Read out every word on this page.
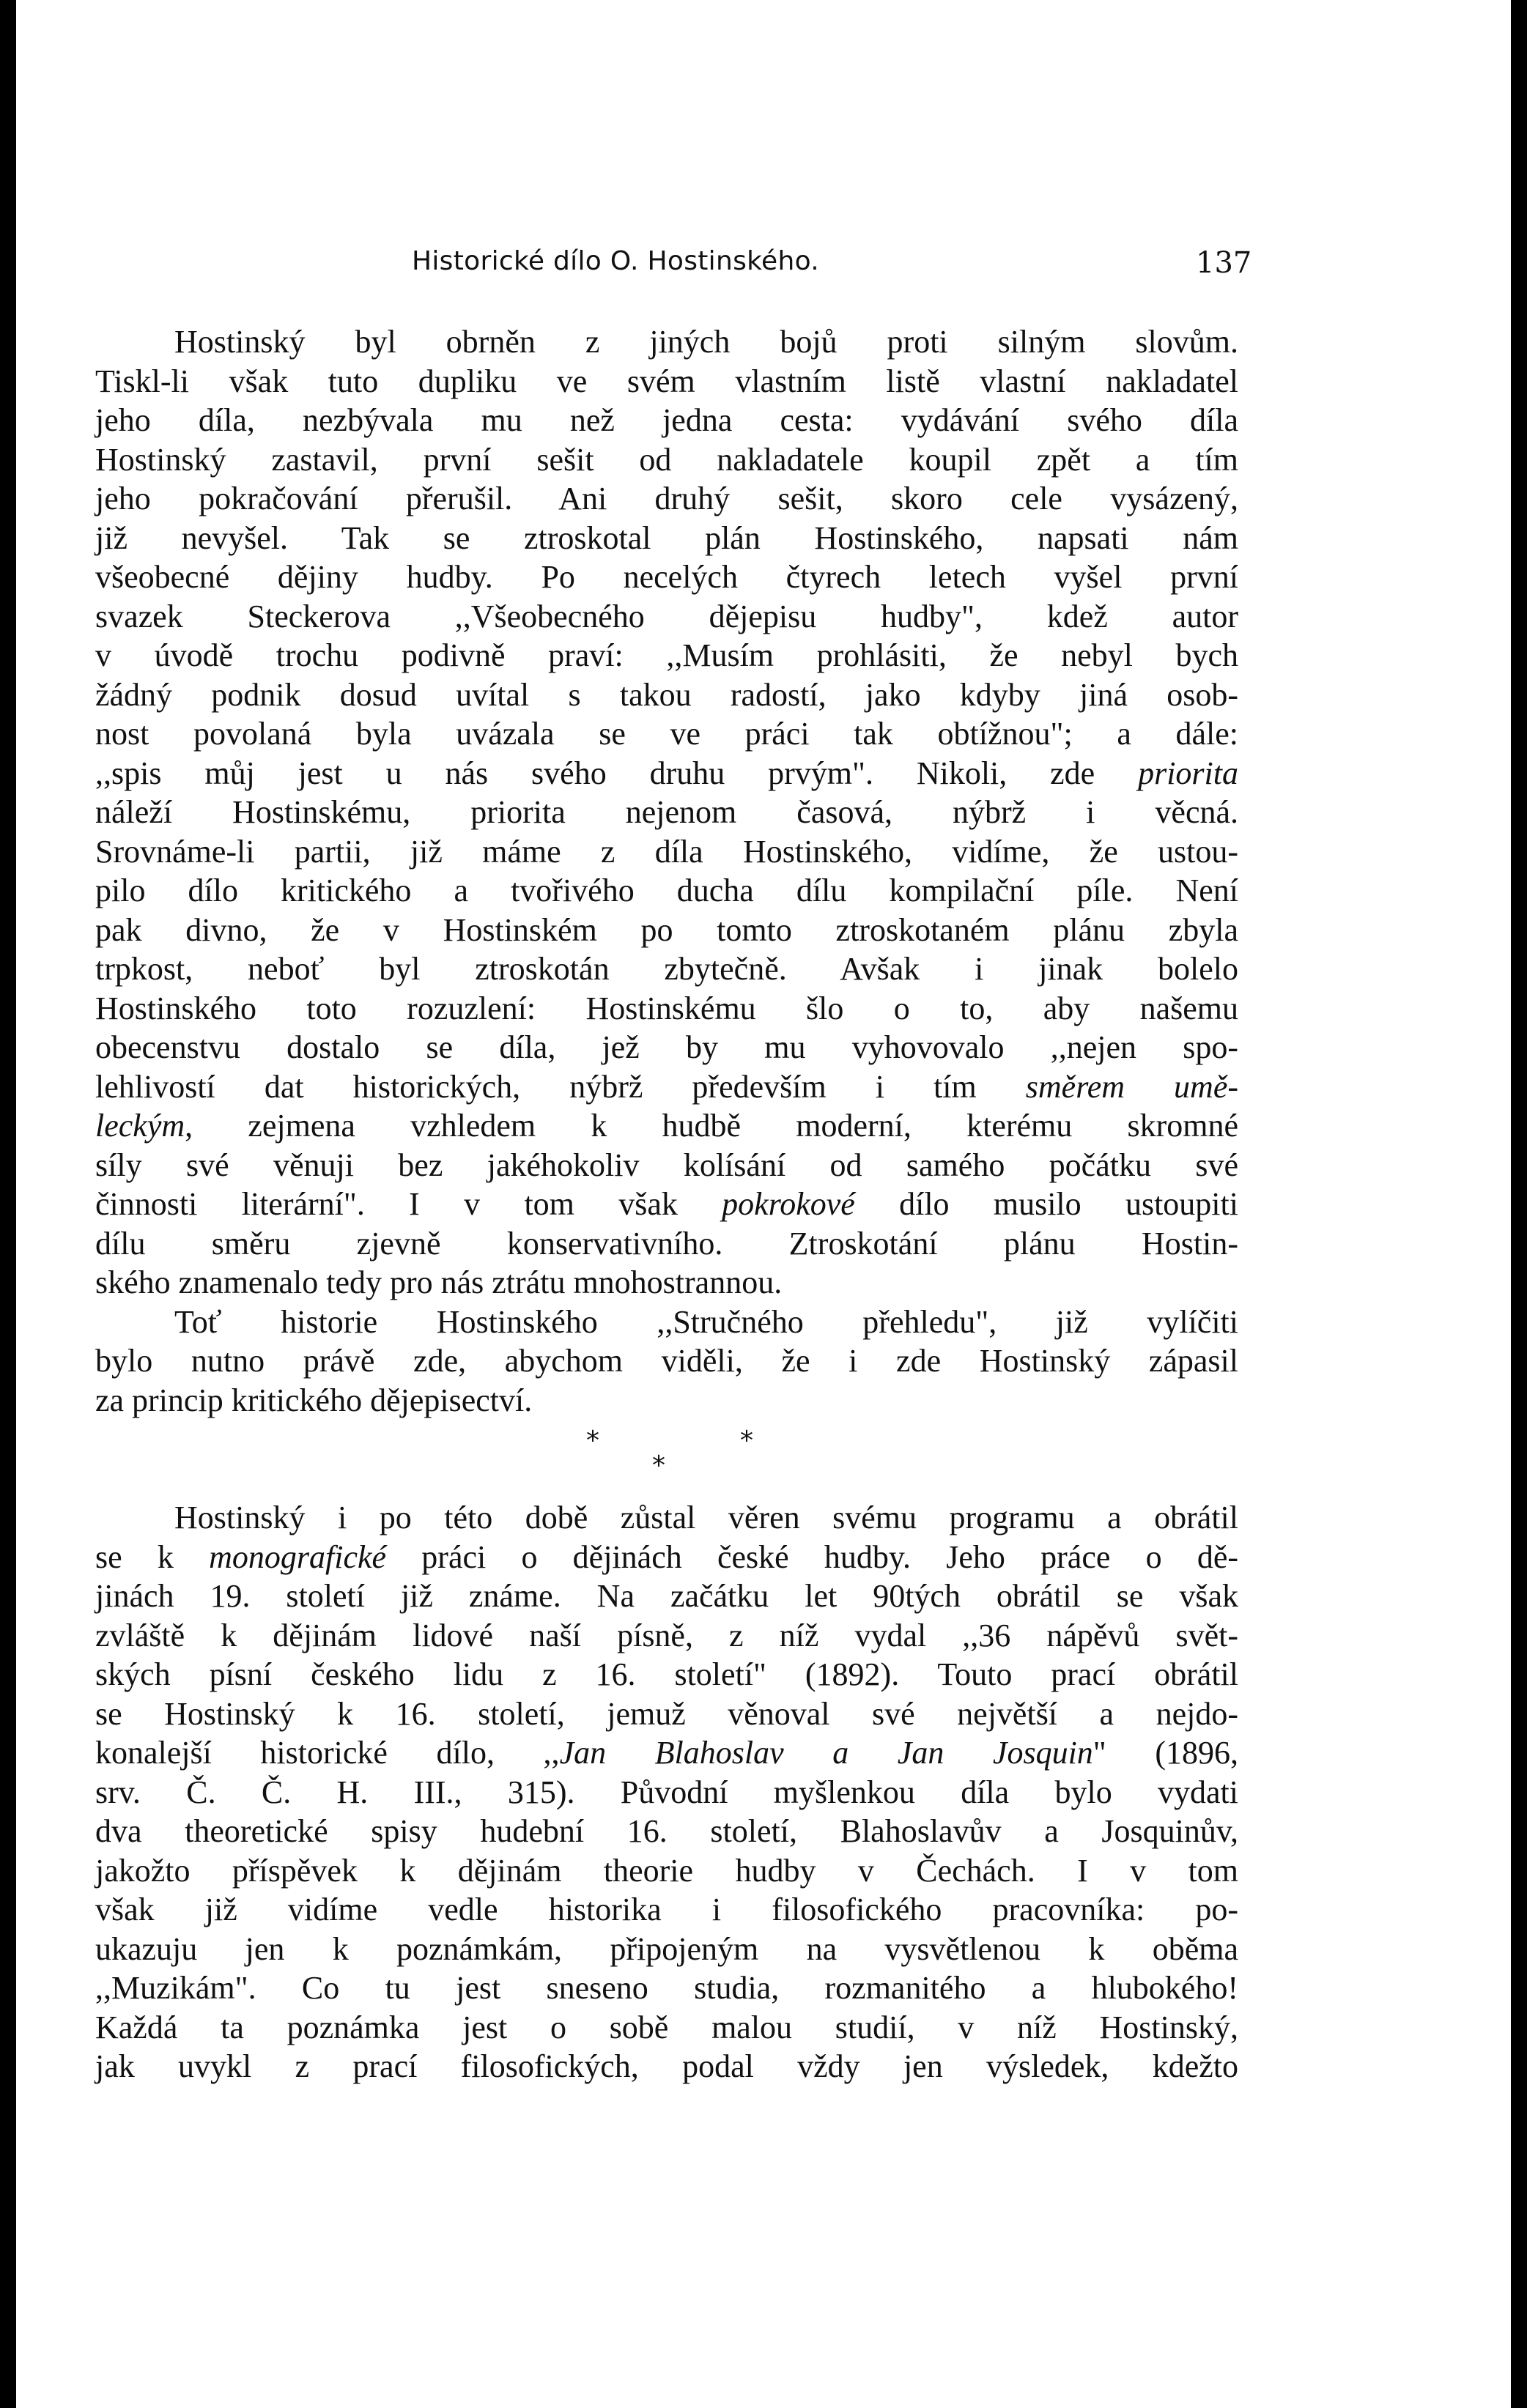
Historické dílo O. Hostinského.	137
Hostinský byl obrněn z jiných bojů proti silným slovům.
Tiskl-li však tuto dupliku ve svém vlastním listě vlastní nakladatel
jeho díla, nezbývala mu než jedna cesta: vydávání svého díla
Hostinský zastavil, první sešit od nakladatele koupil zpět a tím
jeho pokračování přerušil. Ani druhý sešit, skoro cele vysázený,
již nevyšel. Tak se ztroskotal plán Hostinského, napsati nám
všeobecné dějiny hudby. Po necelých čtyrech letech vyšel první
svazek Steckerova ,,Všeobecného dějepisu hudby", kdež autor
v úvodě trochu podivně praví: ,,Musím prohlásiti, že nebyl bych
žádný podnik dosud uvítal s takou radostí, jako kdyby jiná osob-
nost povolaná byla uvázala se ve práci tak obtížnou"; a dále:
,,spis můj jest u nás svého druhu prvým". Nikoli, zde priorita
náleží Hostinskému, priorita nejenom časová, nýbrž i věcná.
Srovnáme-li partii, již máme z díla Hostinského, vidíme, že ustou-
pilo dílo kritického a tvořivého ducha dílu kompilační píle. Není
pak divno, že v Hostinském po tomto ztroskotaném plánu zbyla
trpkost, neboť byl ztroskotán zbytečně. Avšak i jinak bolelo
Hostinského toto rozuzlení: Hostinskému šlo o to, aby našemu
obecenstvu dostalo se díla, jež by mu vyhovovalo ,,nejen spo-
lehlivostí dat historických, nýbrž především i tím směrem umě-
leckým, zejmena vzhledem k hudbě moderní, kterému skromné
síly své věnuji bez jakéhokoliv kolísání od samého počátku své
činnosti literární". I v tom však pokrokové dílo musilo ustoupiti
dílu směru zjevně konservativního. Ztroskotání plánu Hostin-
ského znamenalo tedy pro nás ztrátu mnohostrannou.
Toť historie Hostinského ,,Stručného přehledu", již vylíčiti
bylo nutno právě zde, abychom viděli, že i zde Hostinský zápasil
za princip kritického dějepisectví.
*
*
*
Hostinský i po této době zůstal věren svému programu a obrátil
se k monografické práci o dějinách české hudby. Jeho práce o dě-
jinách 19. století již známe. Na začátku let 90tých obrátil se však
zvláště k dějinám lidové naší písně, z níž vydal ,,36 nápěvů svět-
ských písní českého lidu z 16. století" (1892). Touto prací obrátil
se Hostinský k 16. století, jemuž věnoval své největší a nejdo-
konalejší historické dílo, ,,Jan Blahoslav a Jan Josquin" (1896,
srv. Č. Č. H. III., 315). Původní myšlenkou díla bylo vydati
dva theoretické spisy hudební 16. století, Blahoslavův a Josquinův,
jakožto příspěvek k dějinám theorie hudby v Čechách. I v tom
však již vidíme vedle historika i filosofického pracovníka: po-
ukazuju jen k poznámkám, připojeným na vysvětlenou k oběma
,,Muzikám". Co tu jest sneseno studia, rozmanitého a hlubokého!
Každá ta poznámka jest o sobě malou studií, v níž Hostinský,
jak uvykl z prací filosofických, podal vždy jen výsledek, kdežto
